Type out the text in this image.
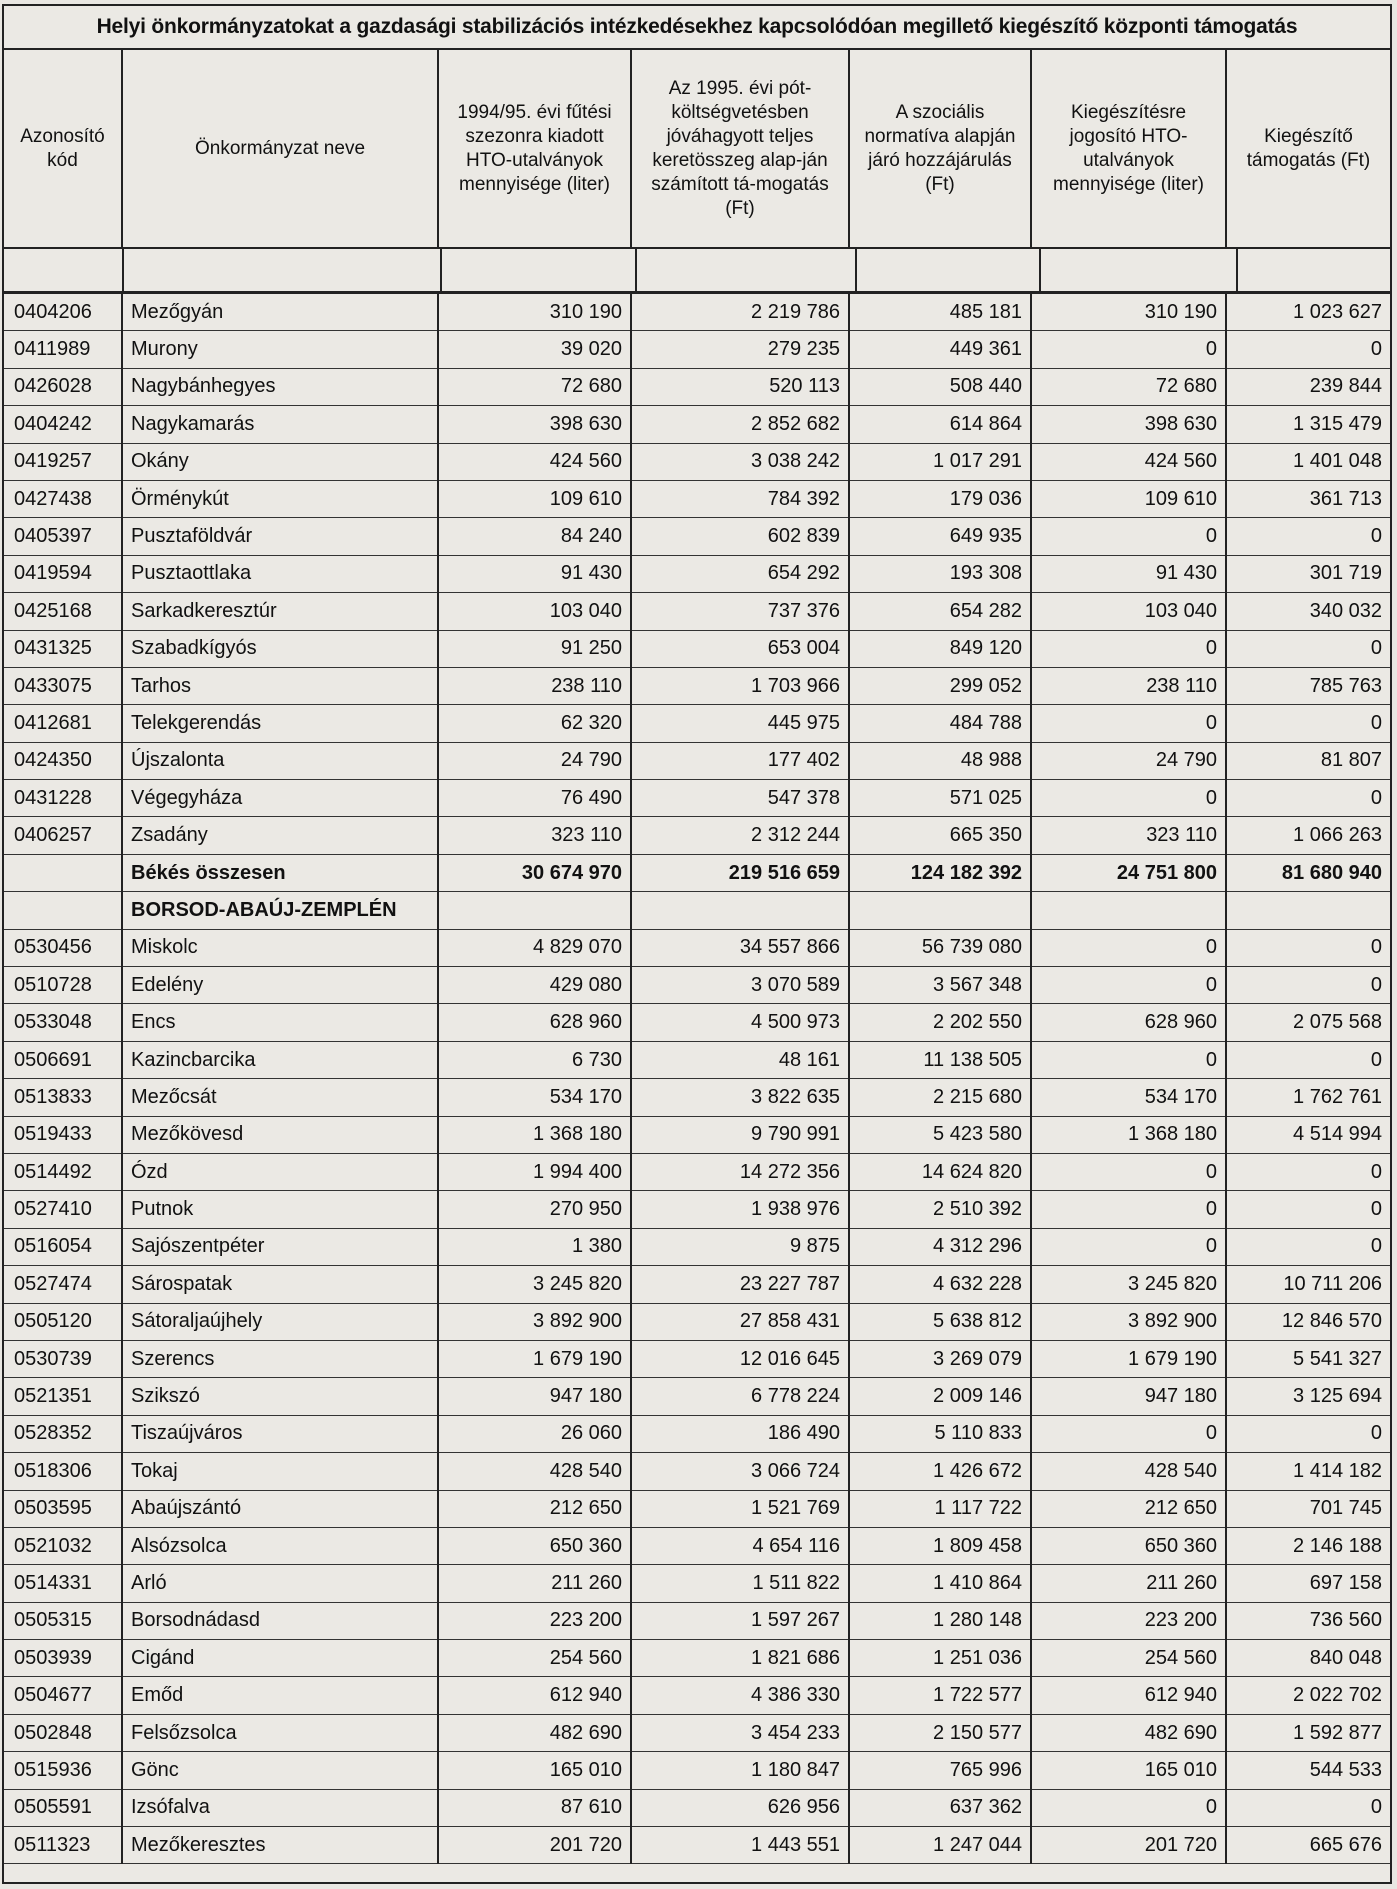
Helyi önkormányzatokat a gazdasági stabilizációs intézkedésekhez kapcsolódóan megillető kiegészítő központi támogatás
Azonosító kód	Önkormányzat neve	1994/95. évi fűtési szezonra kiadott HTO-utalványok mennyisége (liter)	Az 1995. évi pót-költségvetésben jóváhagyott teljes keretösszeg alap-ján számított tá-mogatás (Ft)	A szociális normatíva alapján járó hozzájárulás (Ft)	Kiegészítésre jogosító HTO-utalványok mennyisége (liter)	Kiegészítő támogatás (Ft)
0404206	Mezőgyán	310 190	2 219 786	485 181	310 190	1 023 627
0411989	Murony	39 020	279 235	449 361	0	0
0426028	Nagybánhegyes	72 680	520 113	508 440	72 680	239 844
0404242	Nagykamarás	398 630	2 852 682	614 864	398 630	1 315 479
0419257	Okány	424 560	3 038 242	1 017 291	424 560	1 401 048
0427438	Örménykút	109 610	784 392	179 036	109 610	361 713
0405397	Pusztaföldvár	84 240	602 839	649 935	0	0
0419594	Pusztaottlaka	91 430	654 292	193 308	91 430	301 719
0425168	Sarkadkeresztúr	103 040	737 376	654 282	103 040	340 032
0431325	Szabadkígyós	91 250	653 004	849 120	0	0
0433075	Tarhos	238 110	1 703 966	299 052	238 110	785 763
0412681	Telekgerendás	62 320	445 975	484 788	0	0
0424350	Újszalonta	24 790	177 402	48 988	24 790	81 807
0431228	Végegyháza	76 490	547 378	571 025	0	0
0406257	Zsadány	323 110	2 312 244	665 350	323 110	1 066 263
	Békés összesen	30 674 970	219 516 659	124 182 392	24 751 800	81 680 940
	BORSOD-ABAÚJ-ZEMPLÉN					
0530456	Miskolc	4 829 070	34 557 866	56 739 080	0	0
0510728	Edelény	429 080	3 070 589	3 567 348	0	0
0533048	Encs	628 960	4 500 973	2 202 550	628 960	2 075 568
0506691	Kazincbarcika	6 730	48 161	11 138 505	0	0
0513833	Mezőcsát	534 170	3 822 635	2 215 680	534 170	1 762 761
0519433	Mezőkövesd	1 368 180	9 790 991	5 423 580	1 368 180	4 514 994
0514492	Ózd	1 994 400	14 272 356	14 624 820	0	0
0527410	Putnok	270 950	1 938 976	2 510 392	0	0
0516054	Sajószentpéter	1 380	9 875	4 312 296	0	0
0527474	Sárospatak	3 245 820	23 227 787	4 632 228	3 245 820	10 711 206
0505120	Sátoraljaújhely	3 892 900	27 858 431	5 638 812	3 892 900	12 846 570
0530739	Szerencs	1 679 190	12 016 645	3 269 079	1 679 190	5 541 327
0521351	Szikszó	947 180	6 778 224	2 009 146	947 180	3 125 694
0528352	Tiszaújváros	26 060	186 490	5 110 833	0	0
0518306	Tokaj	428 540	3 066 724	1 426 672	428 540	1 414 182
0503595	Abaújszántó	212 650	1 521 769	1 117 722	212 650	701 745
0521032	Alsózsolca	650 360	4 654 116	1 809 458	650 360	2 146 188
0514331	Arló	211 260	1 511 822	1 410 864	211 260	697 158
0505315	Borsodnádasd	223 200	1 597 267	1 280 148	223 200	736 560
0503939	Cigánd	254 560	1 821 686	1 251 036	254 560	840 048
0504677	Emőd	612 940	4 386 330	1 722 577	612 940	2 022 702
0502848	Felsőzsolca	482 690	3 454 233	2 150 577	482 690	1 592 877
0515936	Gönc	165 010	1 180 847	765 996	165 010	544 533
0505591	Izsófalva	87 610	626 956	637 362	0	0
0511323	Mezőkeresztes	201 720	1 443 551	1 247 044	201 720	665 676
